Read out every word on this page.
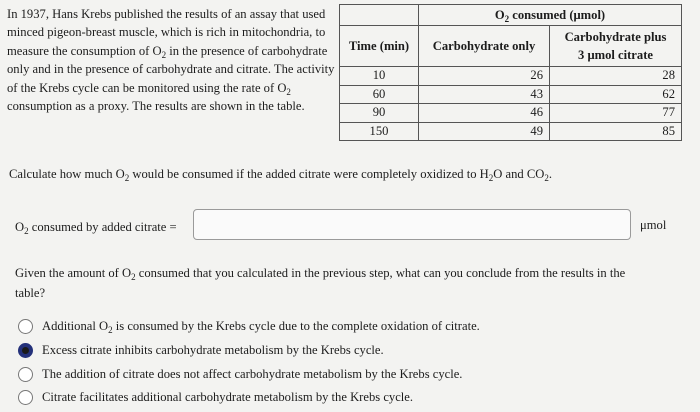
In 1937, Hans Krebs published the results of an assay that used minced pigeon-breast muscle, which is rich in mitochondria, to measure the consumption of $O_2$ in the presence of carbohydrate only and in the presence of carbohydrate and citrate. The activity of the Krebs cycle can be monitored using the rate of $O_2$ consumption as a proxy. The results are shown in the table.
	$O_2$ consumed (μmol)	
Time (min)	Carbohydrate only	Carbohydrate plus
3 μmol citrate
10	26	28
60	43	62
90	46	77
150	49	85
Calculate how much $O_2$ would be consumed if the added citrate were completely oxidized to $H_2O$ and $CO_2$.
$O_2$ consumed by added citrate =	μmol
Given the amount of $O_2$ consumed that you calculated in the previous step, what can you conclude from the results in the table?
Additional $O_2$ is consumed by the Krebs cycle due to the complete oxidation of citrate.
Excess citrate inhibits carbohydrate metabolism by the Krebs cycle.
The addition of citrate does not affect carbohydrate metabolism by the Krebs cycle.
Citrate facilitates additional carbohydrate metabolism by the Krebs cycle.
